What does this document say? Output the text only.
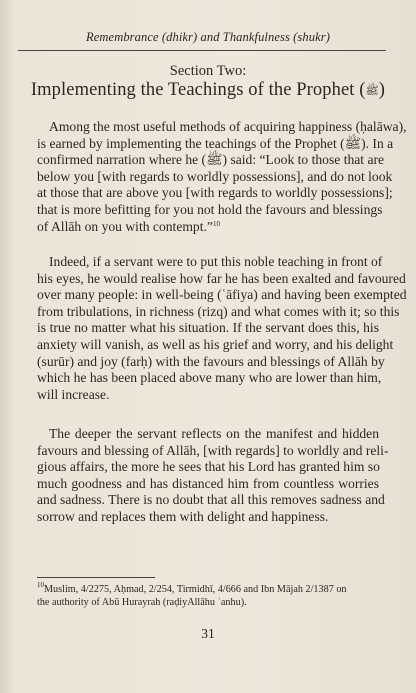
Remembrance (dhikr) and Thankfulness (shukr)
Section Two:
Implementing the Teachings of the Prophet (ﷺ)

Among the most useful methods of acquiring happiness (ḥalāwa),
is earned by implementing the teachings of the Prophet (ﷺ). In a
confirmed narration where he (ﷺ) said: “Look to those that are
below you [with regards to worldly possessions], and do not look
at those that are above you [with regards to worldly possessions];
that is more befitting for you not hold the favours and blessings
of Allāh on you with contempt.”$^{10}$

Indeed, if a servant were to put this noble teaching in front of
his eyes, he would realise how far he has been exalted and favoured
over many people: in well-being (ʿāfiya) and having been exempted
from tribulations, in richness (rizq) and what comes with it; so this
is true no matter what his situation. If the servant does this, his
anxiety will vanish, as well as his grief and worry, and his delight
(surūr) and joy (farḥ) with the favours and blessings of Allāh by
which he has been placed above many who are lower than him,
will increase.

The deeper the servant reflects on the manifest and hidden
favours and blessing of Allāh, [with regards] to worldly and reli-
gious affairs, the more he sees that his Lord has granted him so
much goodness and has distanced him from countless worries
and sadness. There is no doubt that all this removes sadness and
sorrow and replaces them with delight and happiness.

$^{10}$Muslim, 4/2275, Aḥmad, 2/254, Tirmidhī, 4/666 and Ibn Mājah 2/1387 on
the authority of Abū Hurayrah (raḍiyAllāhu ʿanhu).
31
